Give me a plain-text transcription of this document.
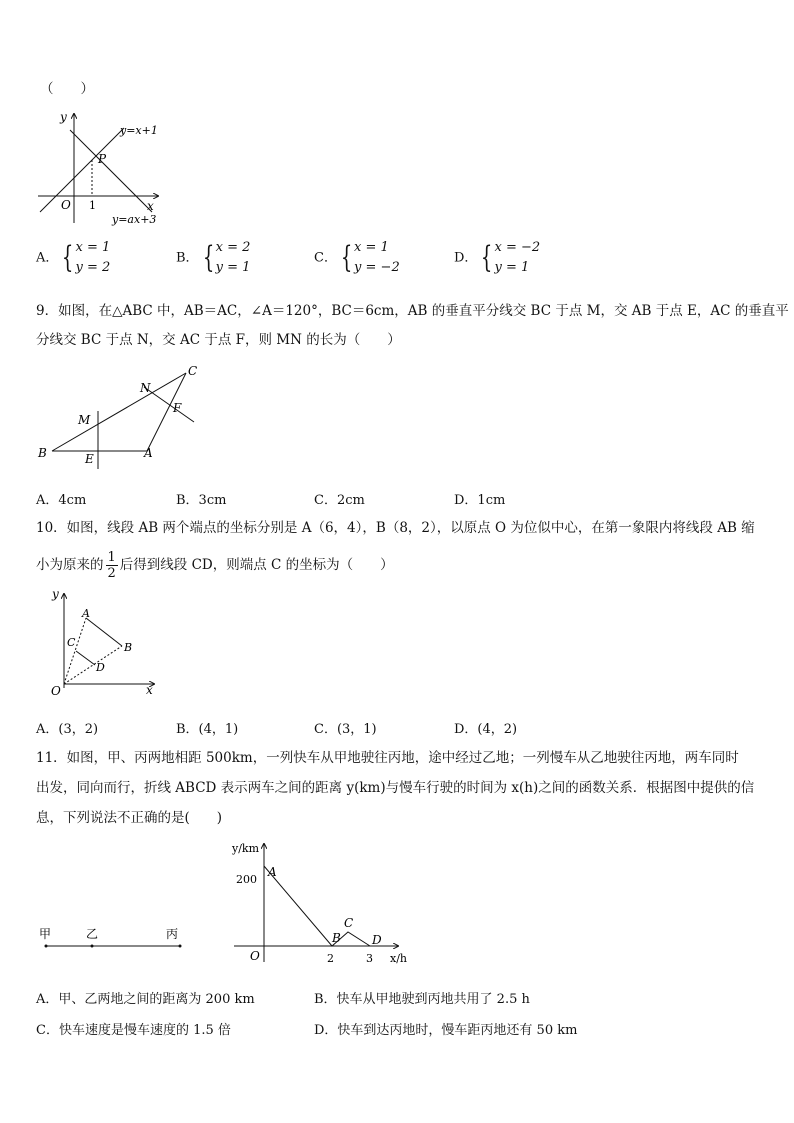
（　　）
y
x
O 1
P
y=x+1
y=ax+3
A． { x = 1
y = 2
B． { x = 2
y = 1
C． { x = 1
y = −2
D． { x = −2
y = 1
9．如图，在△ABC 中，AB＝AC，∠A＝120°，BC＝6cm，AB 的垂直平分线交 BC 于点 M，交 AB 于点 E，AC 的垂直平
分线交 BC 于点 N，交 AC 于点 F，则 MN 的长为（　　）
B	A
C
E
M
N
F
A．4cm	B．3cm	C．2cm	D．1cm
10．如图，线段 AB 两个端点的坐标分别是 A（6，4），B（8，2），以原点 O 为位似中心，在第一象限内将线段 AB 缩
小为原来的 $\frac{1}{2}$ 后得到线段 CD，则端点 C 的坐标为（　　）
y
x
O
A
B
C
D
A．(3，2)	B．(4，1)	C．(3，1)	D．(4，2)
11．如图，甲、丙两地相距 500km，一列快车从甲地驶往丙地，途中经过乙地；一列慢车从乙地驶往丙地，两车同时
出发，同向而行，折线 ABCD 表示两车之间的距离 y(km)与慢车行驶的时间为 x(h)之间的函数关系．根据图中提供的信
息，下列说法不正确的是(　　)
甲	乙	丙
y/km
x/h
200
2	3
O
A
B
C
D
A．甲、乙两地之间的距离为 200 km	B．快车从甲地驶到丙地共用了 2.5 h
C．快车速度是慢车速度的 1.5 倍	D．快车到达丙地时，慢车距丙地还有 50 km
